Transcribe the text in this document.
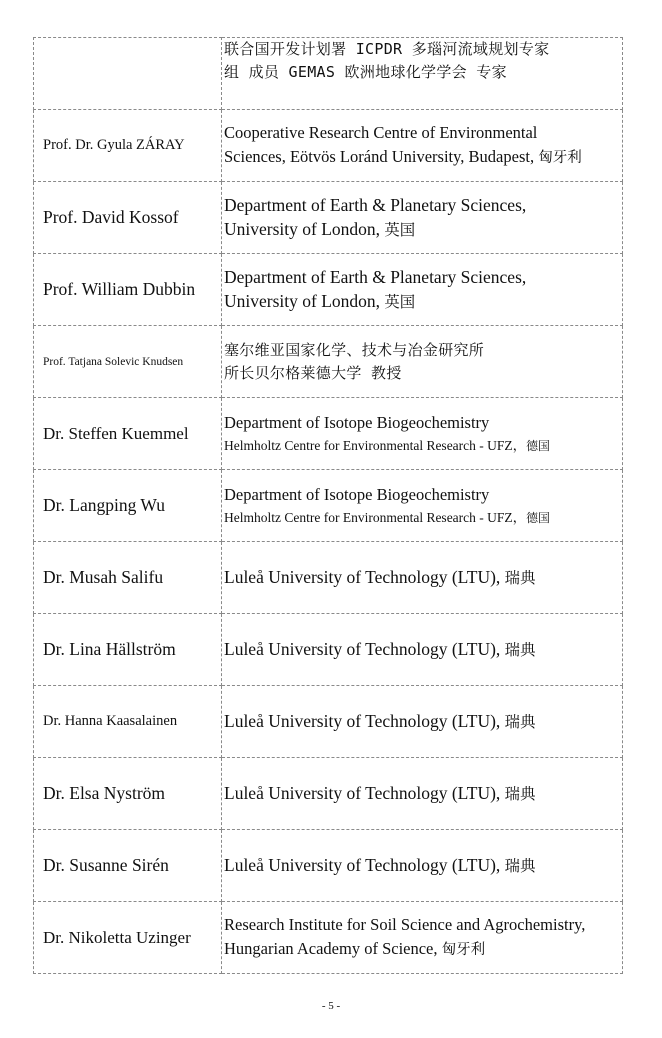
	联合国开发计划署 ICPDR 多瑙河流域规划专家
组 成员 GEMAS 欧洲地球化学学会 专家

Prof. Dr. Gyula ZÁRAY	Cooperative Research Centre of Environmental
Sciences, Eötvös Loránd University, Budapest, 匈牙利

Prof. David Kossof	Department of Earth & Planetary Sciences,
University of London, 英国

Prof. William Dubbin	Department of Earth & Planetary Sciences,
University of London, 英国

Prof. Tatjana Solevic Knudsen	塞尔维亚国家化学、技术与冶金研究所
所长贝尔格莱德大学 教授

Dr. Steffen Kuemmel	Department of Isotope Biogeochemistry
Helmholtz Centre for Environmental Research - UFZ，德国

Dr. Langping Wu	Department of Isotope Biogeochemistry
Helmholtz Centre for Environmental Research - UFZ，德国

Dr. Musah Salifu	Luleå University of Technology (LTU), 瑞典

Dr. Lina Hällström	Luleå University of Technology (LTU), 瑞典

Dr. Hanna Kaasalainen	Luleå University of Technology (LTU), 瑞典

Dr. Elsa Nyström	Luleå University of Technology (LTU), 瑞典

Dr. Susanne Sirén	Luleå University of Technology (LTU), 瑞典

Dr. Nikoletta Uzinger	Research Institute for Soil Science and Agrochemistry,
Hungarian Academy of Science, 匈牙利
- 5 -
